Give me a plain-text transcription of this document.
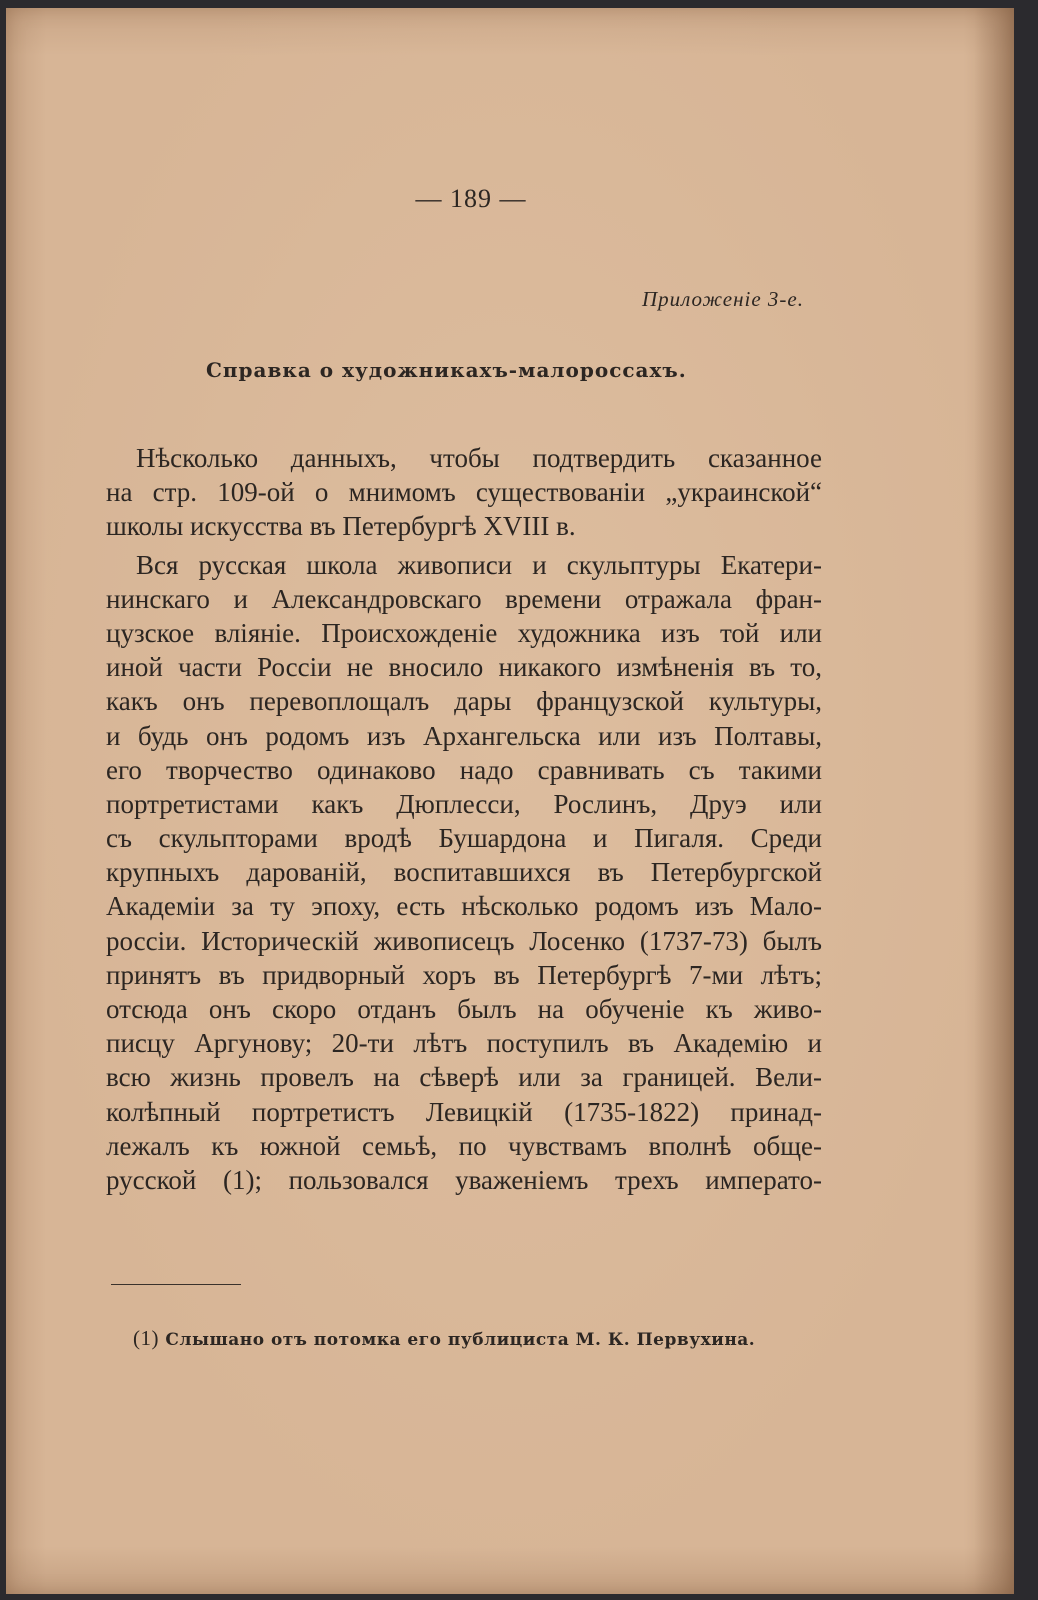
— 189 —
Приложенiе 3-е.
Справка о художникахъ-малороссахъ.
Нѣсколько данныхъ, чтобы подтвердить сказанное
на стр. 109-ой о мнимомъ существованiи „украинской“
школы искусства въ Петербургѣ XVIII в.
Вся русская школа живописи и скульптуры Екатери-
нинскаго и Александровскаго времени отражала фран-
цузское влiянiе. Происхожденiе художника изъ той или
иной части Россiи не вносило никакого измѣненiя въ то,
какъ онъ перевоплощалъ дары французской культуры,
и будь онъ родомъ изъ Архангельска или изъ Полтавы,
его творчество одинаково надо сравнивать съ такими
портретистами какъ Дюплесси, Рослинъ, Друэ или
съ скульпторами вродѣ Бушардона и Пигаля. Среди
крупныхъ дарованiй, воспитавшихся въ Петербургской
Академiи за ту эпоху, есть нѣсколько родомъ изъ Мало-
россiи. Историческiй живописецъ Лосенко (1737-73) былъ
принятъ въ придворный хоръ въ Петербургѣ 7-ми лѣтъ;
отсюда онъ скоро отданъ былъ на обученiе къ живо-
писцу Аргунову; 20-ти лѣтъ поступилъ въ Академiю и
всю жизнь провелъ на сѣверѣ или за границей. Вели-
колѣпный портретистъ Левицкiй (1735-1822) принад-
лежалъ къ южной семьѣ, по чувствамъ вполнѣ обще-
русской (1); пользовался уваженiемъ трехъ императо-
(1) Слышано отъ потомка его публициста М. К. Первухина.
